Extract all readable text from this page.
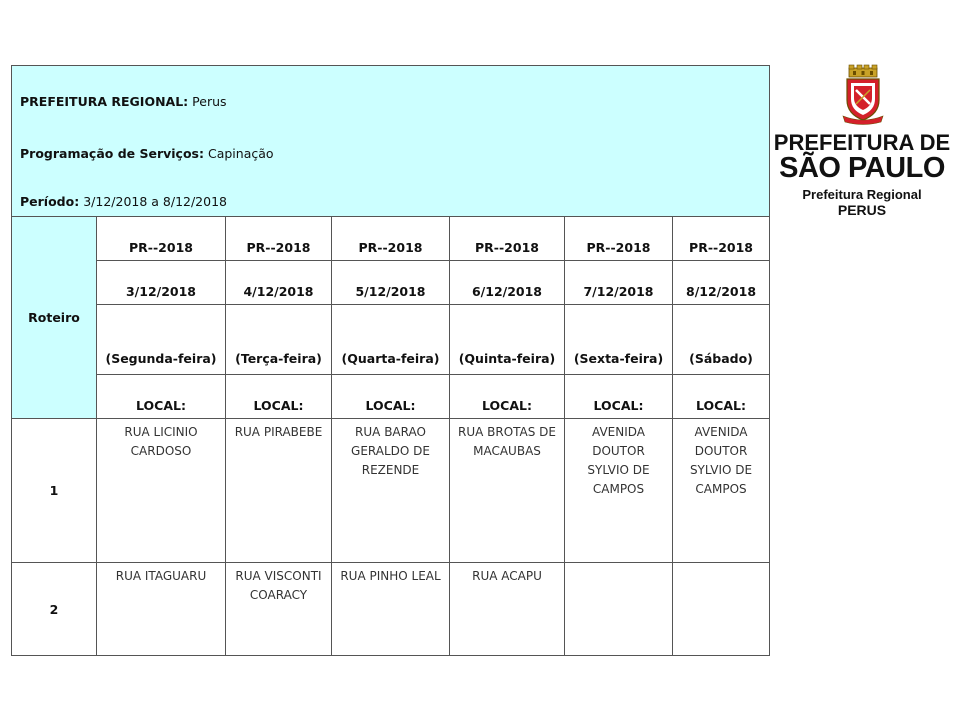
PREFEITURA REGIONAL: Perus
Programação de Serviços: Capinação
Período: 3/12/2018 a 8/12/2018						

Roteiro	PR--2018	PR--2018	PR--2018	PR--2018	PR--2018	PR--2018
	3/12/2018	4/12/2018	5/12/2018	6/12/2018	7/12/2018	8/12/2018
	(Segunda-feira)	(Terça-feira)	(Quarta-feira)	(Quinta-feira)	(Sexta-feira)	(Sábado)
	LOCAL:	LOCAL:	LOCAL:	LOCAL:	LOCAL:	LOCAL:
1	RUA LICINIO CARDOSO	RUA PIRABEBE	RUA BARAO GERALDO DE REZENDE	RUA BROTAS DE MACAUBAS	AVENIDA DOUTOR SYLVIO DE CAMPOS	AVENIDA DOUTOR SYLVIO DE CAMPOS
2	RUA ITAGUARU	RUA VISCONTI COARACY	RUA PINHO LEAL	RUA ACAPU		
PREFEITURA DE
SÃO PAULO
Prefeitura Regional
PERUS
